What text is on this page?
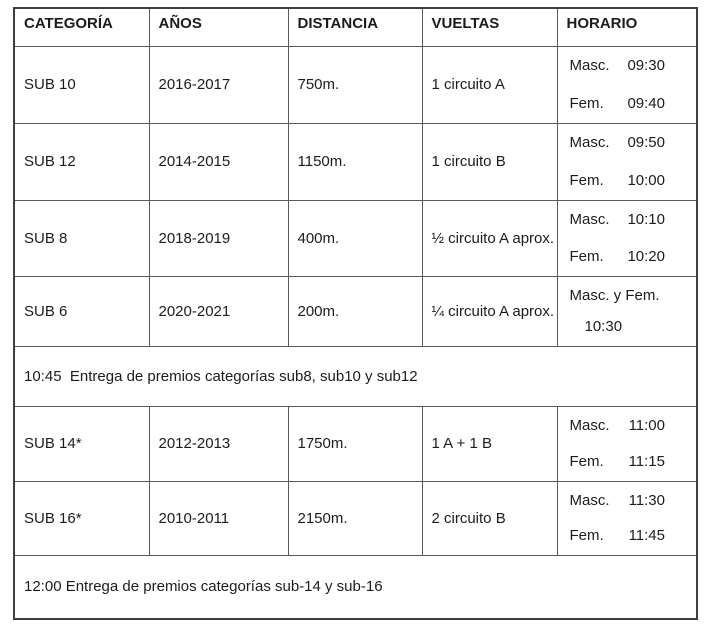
CATEGORÍA	AÑOS	DISTANCIA	VUELTAS	HORARIO
SUB 10	2016-2017	750m.	1 circuito A	Masc. 09:30
Fem. 09:40

SUB 12	2014-2015	1150m.	1 circuito B	Masc. 09:50
Fem. 10:00

SUB 8	2018-2019	400m.	½ circuito A aprox.	Masc. 10:10
Fem. 10:20

SUB 6	2020-2021	200m.	¼ circuito A aprox.	Masc. y Fem.
10:30

10:45  Entrega de premios categorías sub8, sub10 y sub12				
SUB 14*	2012-2013	1750m.	1 A + 1 B	Masc. 11:00
Fem. 11:15

SUB 16*	2010-2011	2150m.	2 circuito B	Masc. 11:30
Fem. 11:45

12:00 Entrega de premios categorías sub-14 y sub-16				
